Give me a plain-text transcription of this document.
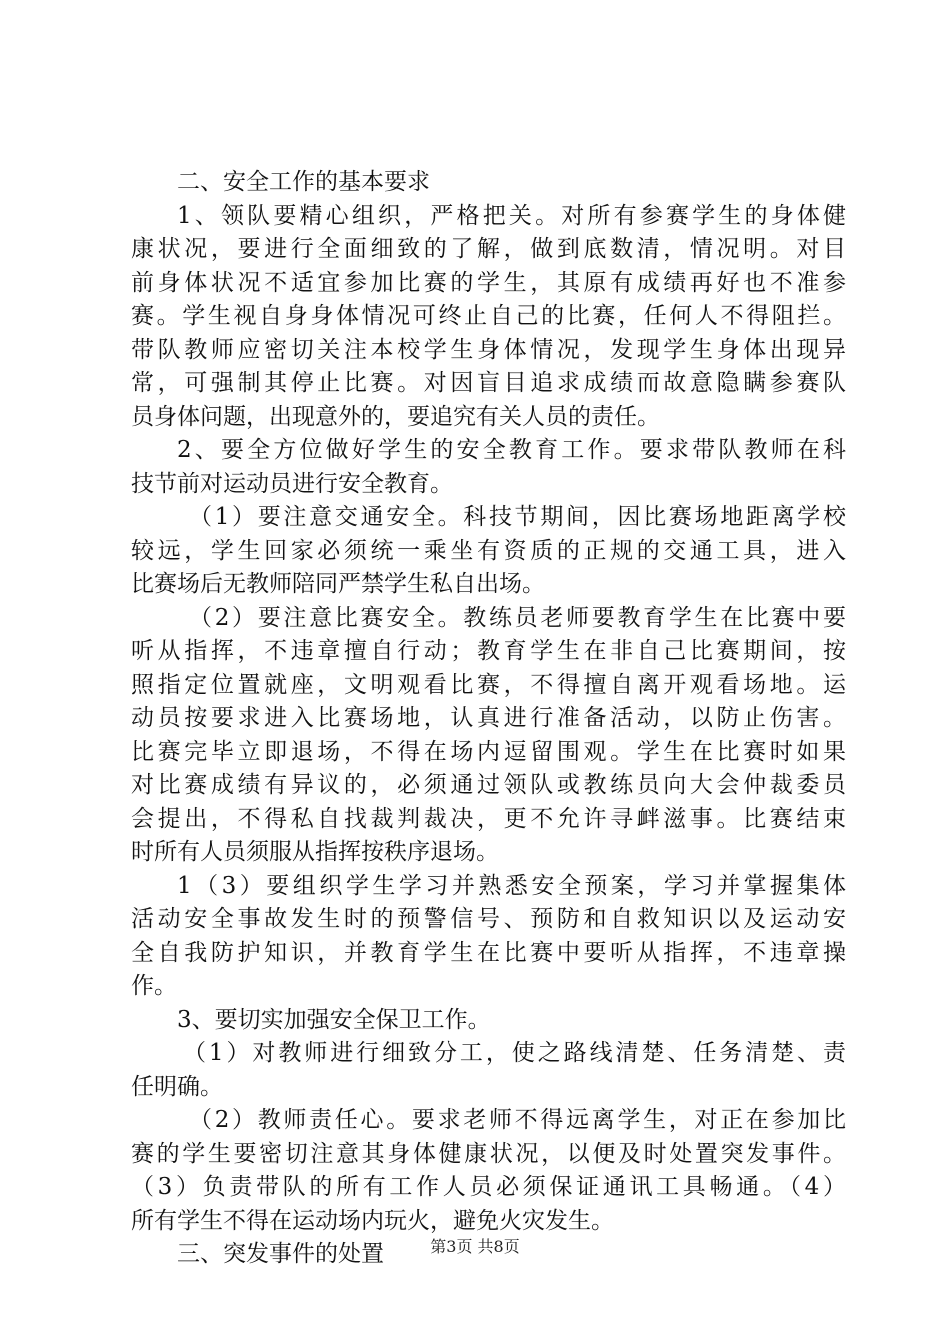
二、安全工作的基本要求
1、领队要精心组织，严格把关。对所有参赛学生的身体健
康状况，要进行全面细致的了解，做到底数清，情况明。对目
前身体状况不适宜参加比赛的学生，其原有成绩再好也不准参
赛。学生视自身身体情况可终止自己的比赛，任何人不得阻拦。
带队教师应密切关注本校学生身体情况，发现学生身体出现异
常，可强制其停止比赛。对因盲目追求成绩而故意隐瞒参赛队
员身体问题，出现意外的，要追究有关人员的责任。
2、要全方位做好学生的安全教育工作。要求带队教师在科
技节前对运动员进行安全教育。
（1）要注意交通安全。科技节期间，因比赛场地距离学校
较远，学生回家必须统一乘坐有资质的正规的交通工具，进入
比赛场后无教师陪同严禁学生私自出场。
（2）要注意比赛安全。教练员老师要教育学生在比赛中要
听从指挥，不违章擅自行动；教育学生在非自己比赛期间，按
照指定位置就座，文明观看比赛，不得擅自离开观看场地。运
动员按要求进入比赛场地，认真进行准备活动，以防止伤害。
比赛完毕立即退场，不得在场内逗留围观。学生在比赛时如果
对比赛成绩有异议的，必须通过领队或教练员向大会仲裁委员
会提出，不得私自找裁判裁决，更不允许寻衅滋事。比赛结束
时所有人员须服从指挥按秩序退场。
1（3）要组织学生学习并熟悉安全预案，学习并掌握集体
活动安全事故发生时的预警信号、预防和自救知识以及运动安
全自我防护知识，并教育学生在比赛中要听从指挥，不违章操
作。
3、要切实加强安全保卫工作。
（1）对教师进行细致分工，使之路线清楚、任务清楚、责
任明确。
（2）教师责任心。要求老师不得远离学生，对正在参加比
赛的学生要密切注意其身体健康状况，以便及时处置突发事件。
（3）负责带队的所有工作人员必须保证通讯工具畅通。（4）
所有学生不得在运动场内玩火，避免火灾发生。
三、突发事件的处置	第3页 共8页
